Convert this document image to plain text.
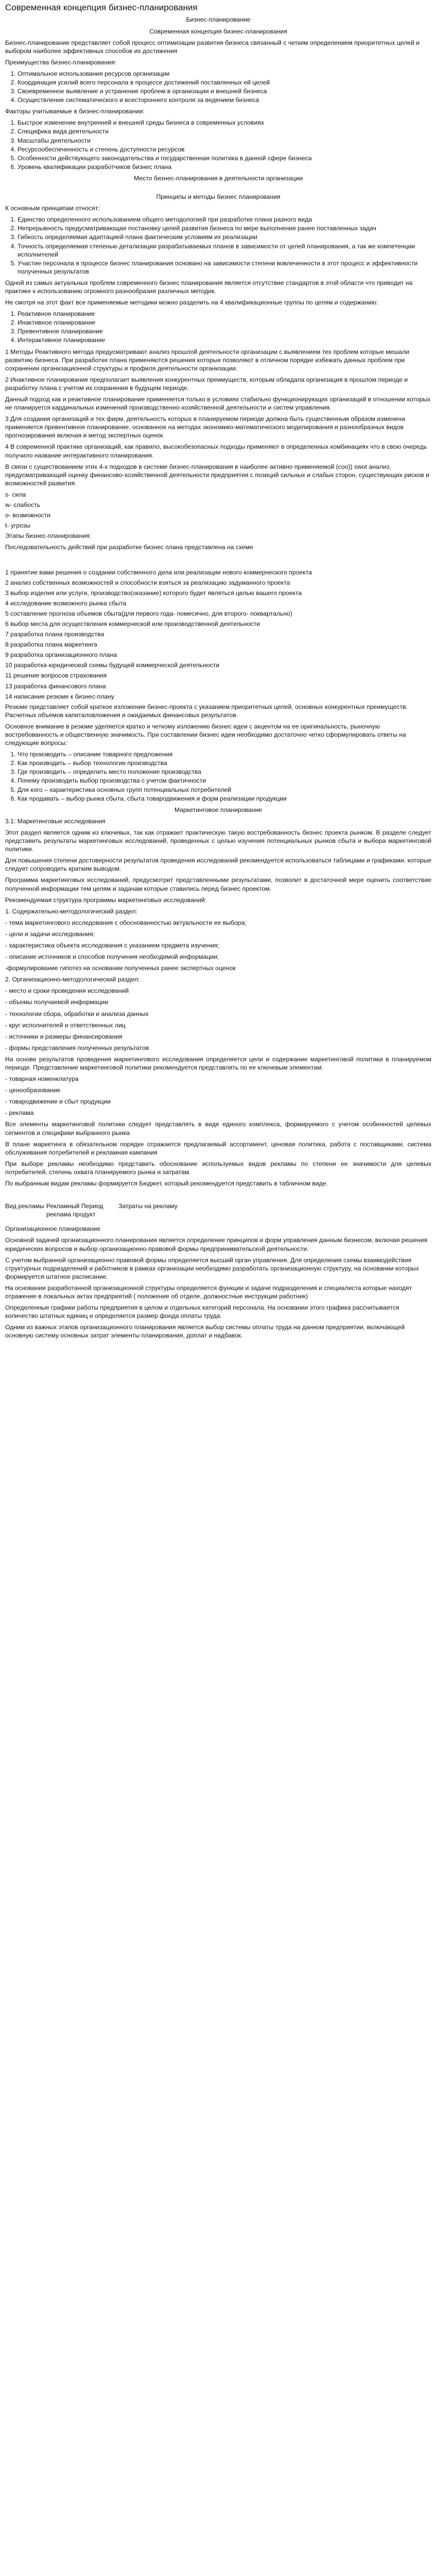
Современная концепция бизнес-планирования
Бизнес-планирование
Современная концепция бизнес-планирования
Бизнес-планирование представляет собой процесс оптимизации развития бизнеса связанный с четким определением приоритетных целей и выбором наиболее эффективных способов их достижения
Преимущества бизнес-планирования:
1. Оптимальное использования ресурсов организации
2. Координация усилий всего персонала в процессе достижений поставленных ей целей
3. Своевременное выявление и устранение проблем в организации и внешней бизнеса
4. Осуществление систематического и всестороннего контроля за ведением бизнеса
Факторы учитываемые в бизнес-планировании:
1. Быстрое изменение внутренней и внешней среды бизнеса в современных условиях
2. Специфика вида деятельности
3. Масштабы деятельности
4. Ресурсообеспеченность и степень доступности ресурсов
5. Особенности действующего законодательства и государственная политика в данной сфере бизнеса
6. Уровень квалификации разработчиков бизнес плана
Место бизнес-планирования в деятельности организации
Принципы и методы бизнес планирования
К основным принципам относят:
1. Единство определенного использованием общего методологией при разработке плана разного вида
2. Непрерывность предусматривающая постановку целей развития бизнеса по мере выполнения ранее поставленных задач
3. Гибкость определяемая адаптацией плана фактическим условиям их реализации
4. Точность определяемая степенью детализации разрабатываемых планов в зависимости от целей планирования, а так же компетенции исполнителей
5. Участие персонала в процессе бизнес планирования основано на зависимости степени вовлеченности в этот процесс и эффективности полученных результатов
Одной из самых актуальных проблем современного бизнес планирования является отсутствие стандартов в этой области что приводит на практике к использованию огромного разнообразия различных методик.
Не смотря на этот факт все применяемые методики можно разделить на 4 квалификационные группы по целям и содержанию:
1. Реактивное планирование
2. Инактивное планирование
3. Превентивное планирование
4. Интерактивное планирование
1 Методы Реактивного метода предусматривают анализ прошлой деятельности организации с выявлением тех проблем которые мешали развитию бизнеса. При разработке плана применяются решения которые позволяют в отличном порядке избежать данных проблем при сохранении организационной структуры и профиля деятельности организации.
2 Инактивное планирование предполагает выявления конкурентных преимуществ, которым обладала организация в прошлом периоде и разработку плана с учетом их сохранения в будущем периоде.
Данный подход как и реактивное планирование применяется только в условиях стабильно функционирующих организаций в отношении которых не планируется кардинальных изменений производственно-хозяйственной деятельности и систем управления.
3 Для создания организаций и тех фирм, деятельность которых в планируемом периоде должна быть существенным образом изменена применяется превентивное планирование, основанное на методах экономико-математического моделирования и разнообразных видов прогнозирования включая и метод экспертных оценок
4 В современной практике организаций, как правило, высоко​безопасных подходы применяют в определенных комбинациях что в свою очередь получило название интерактивного планирования.
В связи с существованием этих 4-х подходов в системе бизнес-планирования в наиболее активно применяемой (соо)) swot анализ, предусматривающий оценку финансово-хозяйственной деятельности предприятия с позиций сильных и слабых сторон, существующих рисков и возможностей развития.
s- сила
w- слабость
o- возможности
t- угрозы
Этапы бизнес-планирования:
Последовательность действий при разработке бизнес плана представлена на схеме
1 принятие вами решения о создании собственного дела или реализации нового коммерческого проекта
2 анализ собственных возможностей и способности взяться за реализацию задуманного проекта
3 выбор изделия или услуги, производство(оказание) которого будет являться целью вашего проекта
4 исследование возможного рынка сбыта
5 составление прогноза объемов сбыта(для первого года- помесячно, для второго- поквартально)
6 выбор места для осуществления коммерческой или производственной деятельности
7 разработка плана производства
8 разработка плана маркетинга
9 разработка организационного плана
10 разработка юридической схемы будущей коммерческой деятельности
11 решение вопросов страхования
13 разработка финансового плана
14 написание резюме к бизнес-плану
Резюме представляет собой краткое изложение бизнес-проекта с указанием приоритетных целей, основных конкурентных преимуществ. Расчетных объемов капиталовложения и ожидаемых финансовых результатов.
Основное внимание в резюме уделяется кратко и четкому изложению бизнес идеи с акцентом на ее оригинальность, рыночную востребованность и общественную значимость. При составлении бизнес идеи необходимо достаточно четко сформулировать ответы на следующие вопросы:
1. Что производить – описание товарного предложения
2. Как производить – выбор технологии производства
3. Где производить – определить место положение производства
4. Почему производить выбор производства с учетом фактичности
5. Для кого – характеристика основных групп потенциальных потребителей
6. Как продавать – выбор рынка сбыта, сбыта товародвижения и форм реализации продукции
Маркетинговое планирование
3.1: Маркетинговые исследования
Этот раздел является одним из ключевых, так как отражает практическую такую востребованность бизнес проекта рынком. В разделе следует представить результаты маркетинговых исследований, проведенных с целью изучения потенциальных рынков сбыта и выбора маркетинговой политики.
Для повышения степени достоверности результатов проведения исследований рекомендуется использоваться таблицами и графиками, которые следует сопроводить кратким выводом.
Программа маркетинговых исследований, предусмотрит представленными результатами, позволит в достаточной мере оценить соответствие полученной информации тем целям и задачам которые ставились перед бизнес проектом.
Рекомендуемая структура программы маркетинговых исследований:
1. Содержательно-методологический раздел:
- тема маркетингового исследования с обоснованностью актуальности ее выбора;
- цели и задачи исследования;
- характеристика объекта исследования с указанием предмета изучения;
- описание источников и способов получения необходимой информации;
-формулирование гипотез на основании полученных ранее экспертных оценок
2. Организационно-методологический раздел:
- место и сроки проведения исследований
- объемы получаемой информации
- технологии сбора, обработки и анализа данных
- круг исполнителей и ответственных лиц
- источники и размеры финансирования
- формы представления полученных результатов
На основе результатов проведения маркетингового исследования определяется цели и содержание маркетинговой политики в планируемом периоде. Представление маркетинговой политики рекомендуется представлять по ее ключевым элементам:
- товарная номенклатура
- ценообразование
- товародвижение и сбыт продукции
- реклама
Все элементы маркетинговой политики следует представлять в виде единого комплекса, формируемого с учетом особенностей целевых сегментов и специфики выбранного рынка
В плане маркетинга в обязательном порядке отражается предлагаемый ассортимент, ценовая политика, работа с поставщиками, система обслуживания потребителей и рекламная кампания
При выборе рекламы необходимо представить обоснование используемых видов рекламы по степени ее значимости для целевых потребителей, степень охвата планируемого рынка и затратам.
По выбранным видам рекламы формируется Бюджет, который рекомендуется представить в табличном виде.
Вид рекламы Рекламный Период реклама продукт
Затраты на рекламу
Организационное планирование
Основной задачей организационного планирования является определение принципов и форм управления данным бизнесом, включая решения юридических вопросов и выбор организационно-правовой формы предпринимательской деятельности.
С учетом выбранной организационно правовой формы определяется высший орган управления. Для определения схемы взаимодействия структурных подразделений и работников в рамках организации необходимо разработать организационную структуру, на основании которых формируется штатное расписание.
На основании разработанной организационной структуры определяется функции и задачи подразделения и специалиста которые находят отражение в локальных актах предприятий ( положение об отделе, должностные инструкции работник)
Определенные графики работы предприятия в целом и отдельных категорий персонала. На основании этого графика рассчитывается количество штатных единиц и определяется размер фонда оплаты труда.
Одним из важных этапов организационного планирования является выбор системы оплаты труда на данном предприятии, включающей основную систему основных затрат элементы планирования, доплат и надбавок.
